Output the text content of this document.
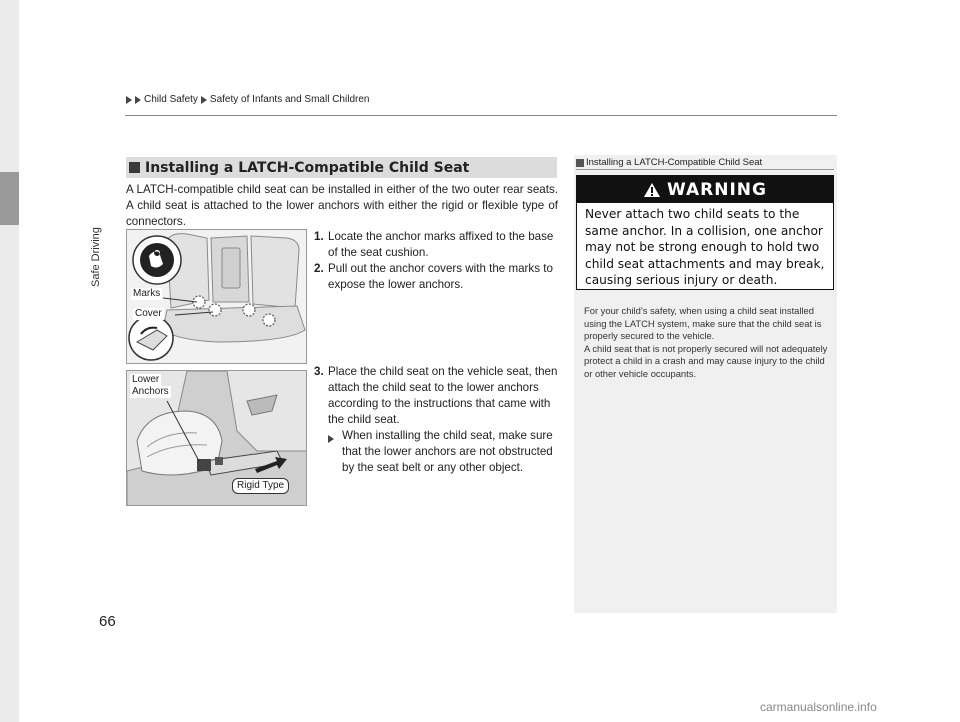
Safe Driving
Child Safety Safety of Infants and Small Children
Installing a LATCH-Compatible Child Seat

A LATCH-compatible child seat can be installed in either of the two outer rear seats. A child seat is attached to the lower anchors with either the rigid or flexible type of connectors.

Marks
Cover
Lower
Anchors
Rigid Type
1. Locate the anchor marks affixed to the base of the seat cushion.
2. Pull out the anchor covers with the marks to expose the lower anchors.
3. Place the child seat on the vehicle seat, then attach the child seat to the lower anchors according to the instructions that came with the child seat.
When installing the child seat, make sure that the lower anchors are not obstructed by the seat belt or any other object.
Installing a LATCH-Compatible Child Seat
WARNING
Never attach two child seats to the same anchor. In a collision, one anchor may not be strong enough to hold two child seat attachments and may break, causing serious injury or death.

For your child’s safety, when using a child seat installed using the LATCH system, make sure that the child seat is properly secured to the vehicle.

A child seat that is not properly secured will not adequately protect a child in a crash and may cause injury to the child or other vehicle occupants.

66
carmanualsonline.info
